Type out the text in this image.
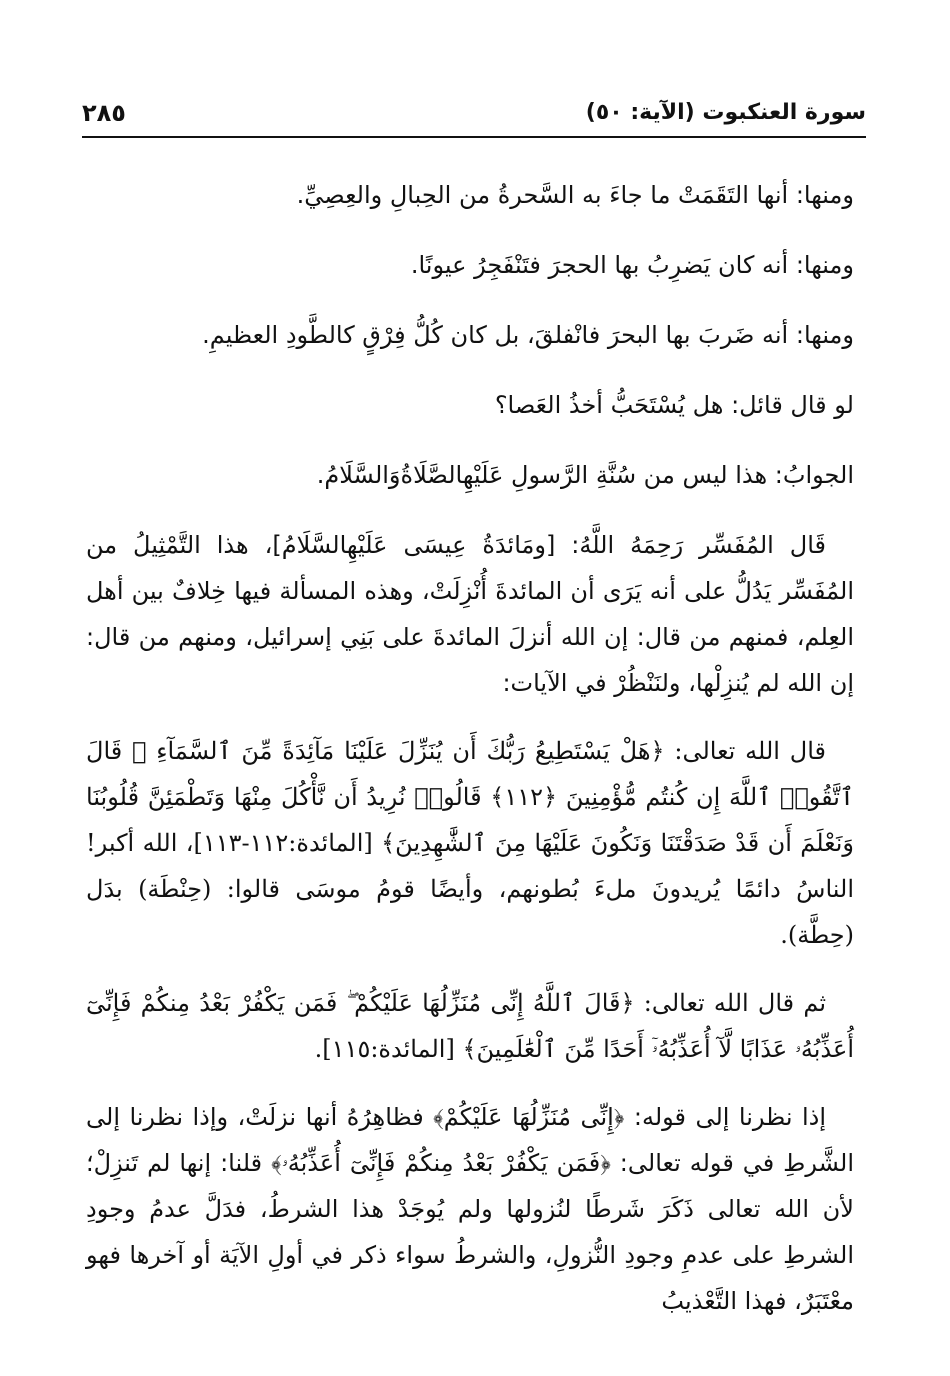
سورة العنكبوت (الآية: ٥٠)
٢٨٥

ومنها: أنها التَقَمَتْ ما جاءَ به السَّحرةُ من الحِبالِ والعِصِيِّ.

ومنها: أنه كان يَضرِبُ بها الحجرَ فتَنْفَجِرُ عيونًا.

ومنها: أنه ضَربَ بها البحرَ فانْفلقَ، بل كان كُلُّ فِرْقٍ كالطَّودِ العظيمِ.

لو قال قائل: هل يُسْتَحَبُّ أخذُ العَصا؟

الجوابُ: هذا ليس من سُنَّةِ الرَّسولِ عَلَيْهِالصَّلَاةُوَالسَّلَامُ.

قَال المُفَسِّر رَحِمَهُ اللَّهُ: [ومَائدَةُ عِيسَى عَلَيْهِالسَّلَامُ]، هذا التَّمْثِيلُ من المُفَسِّر يَدُلُّ على أنه يَرَى أن المائدةَ أُنْزِلَتْ، وهذه المسألة فيها خِلافٌ بين أهل العِلم، فمنهم من قال: إن الله أنزلَ المائدةَ على بَنِي إسرائيل، ومنهم من قال: إن الله لم يُنزِلْها، ولنَنْظُرْ في الآيات:

قال الله تعالى: ﴿هَلْ يَسْتَطِيعُ رَبُّكَ أَن يُنَزِّلَ عَلَيْنَا مَآئِدَةً مِّنَ ٱلسَّمَآءِ ۖ قَالَ ٱتَّقُوا۟ ٱللَّهَ إِن كُنتُم مُّؤْمِنِينَ ﴿١١٢﴾ قَالُوا۟ نُرِيدُ أَن نَّأْكُلَ مِنْهَا وَتَطْمَئِنَّ قُلُوبُنَا وَنَعْلَمَ أَن قَدْ صَدَقْتَنَا وَنَكُونَ عَلَيْهَا مِنَ ٱلشَّٰهِدِينَ﴾ [المائدة:١١٢-١١٣]، الله أكبر! الناسُ دائمًا يُريدونَ ملءَ بُطونهم، وأيضًا قومُ موسَى قالوا: (حِنْطَة) بدَل (حِطَّة).

ثم قال الله تعالى: ﴿قَالَ ٱللَّهُ إِنِّى مُنَزِّلُهَا عَلَيْكُمْ ۖ فَمَن يَكْفُرْ بَعْدُ مِنكُمْ فَإِنِّىٓ أُعَذِّبُهُۥ عَذَابًا لَّآ أُعَذِّبُهُۥٓ أَحَدًا مِّنَ ٱلْعَٰلَمِينَ﴾ [المائدة:١١٥].

إذا نظرنا إلى قوله: ﴿إِنِّى مُنَزِّلُهَا عَلَيْكُمْ﴾ فظاهِرُهُ أنها نزلَتْ، وإذا نظرنا إلى الشَّرطِ في قوله تعالى: ﴿فَمَن يَكْفُرْ بَعْدُ مِنكُمْ فَإِنِّىٓ أُعَذِّبُهُۥ﴾ قلنا: إنها لم تَنزِلْ؛ لأن الله تعالى ذَكَرَ شَرطًا لنُزولها ولم يُوجَدْ هذا الشرطُ، فدَلَّ عدمُ وجودِ الشرطِ على عدمِ وجودِ النُّزولِ، والشرطُ سواء ذكر في أولِ الآيَة أو آخرها فهو معْتَبَرٌ، فهذا التَّعْذيبُ
